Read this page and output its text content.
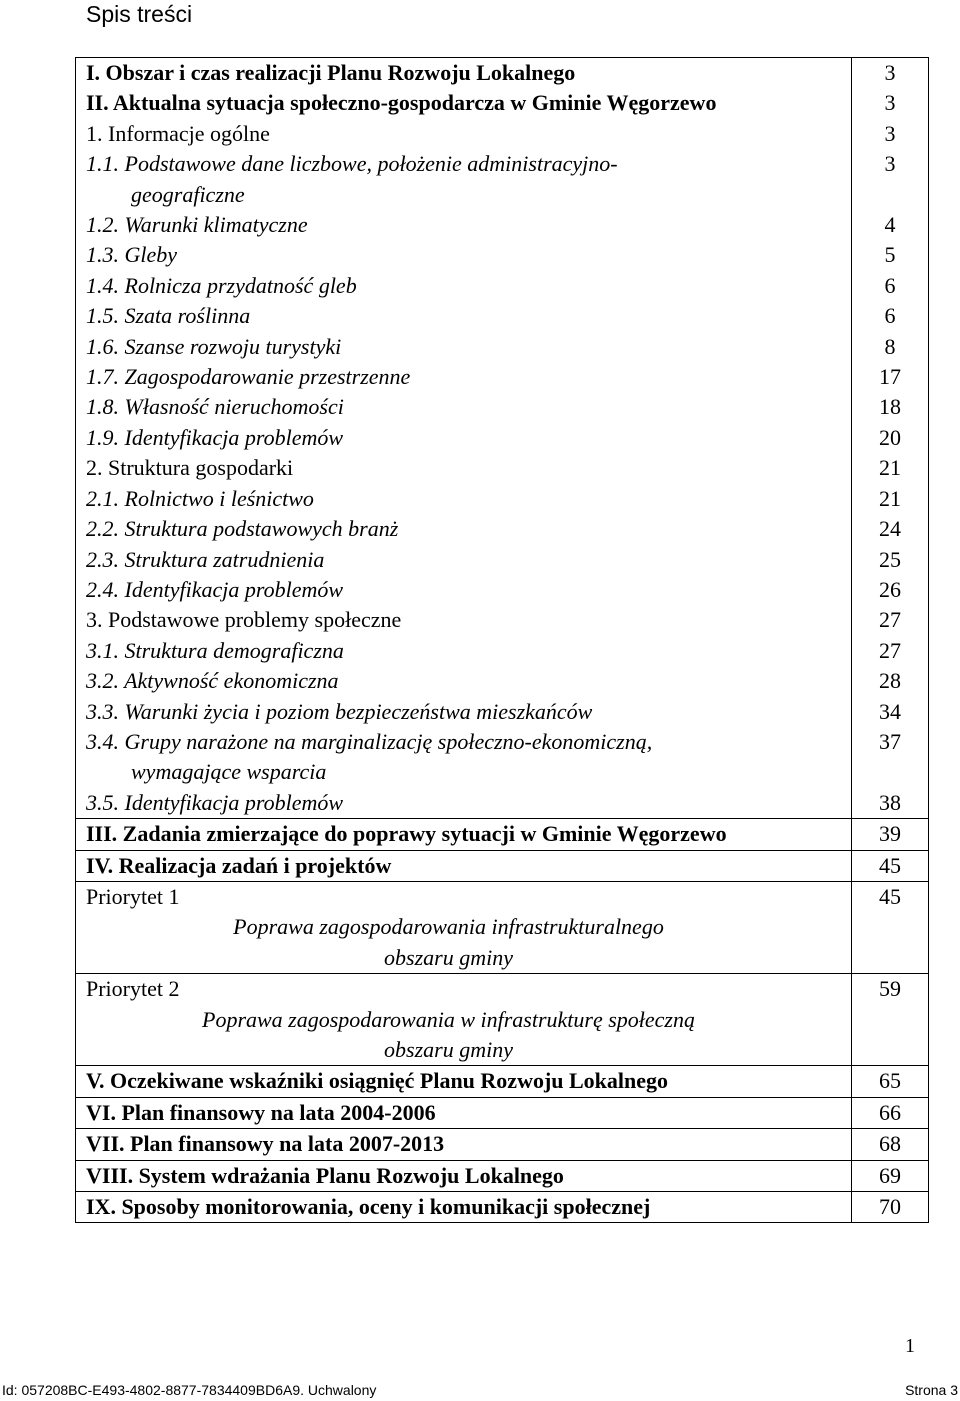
Spis treści
I. Obszar i czas realizacji Planu Rozwoju Lokalnego	3
II. Aktualna sytuacja społeczno-gospodarcza w Gminie Węgorzewo	3
1. Informacje ogólne	3
1.1. Podstawowe dane liczbowe, położenie administracyjno-
geograficzne	3
1.2. Warunki klimatyczne	4
1.3. Gleby	5
1.4. Rolnicza przydatność gleb	6
1.5. Szata roślinna	6
1.6. Szanse rozwoju turystyki	8
1.7. Zagospodarowanie przestrzenne	17
1.8. Własność nieruchomości	18
1.9. Identyfikacja problemów	20
2. Struktura gospodarki	21
2.1. Rolnictwo i leśnictwo	21
2.2. Struktura podstawowych branż	24
2.3. Struktura zatrudnienia	25
2.4. Identyfikacja problemów	26
3. Podstawowe problemy społeczne	27
3.1. Struktura demograficzna	27
3.2. Aktywność ekonomiczna	28
3.3. Warunki życia i poziom bezpieczeństwa mieszkańców	34
3.4. Grupy narażone na marginalizację społeczno-ekonomiczną,
wymagające wsparcia	37
3.5. Identyfikacja problemów	38
III. Zadania zmierzające do poprawy sytuacji w Gminie Węgorzewo	39
IV. Realizacja zadań i projektów	45
Priorytet 1
Poprawa zagospodarowania infrastrukturalnego
obszaru gminy	45
Priorytet 2
Poprawa zagospodarowania w infrastrukturę społeczną
obszaru gminy	59
V. Oczekiwane wskaźniki osiągnięć Planu Rozwoju Lokalnego	65
VI. Plan finansowy na lata 2004-2006	66
VII. Plan finansowy na lata 2007-2013	68
VIII. System wdrażania Planu Rozwoju Lokalnego	69
IX. Sposoby monitorowania, oceny i komunikacji społecznej	70
1
Id: 057208BC-E493-4802-8877-7834409BD6A9. Uchwalony	Strona 3
